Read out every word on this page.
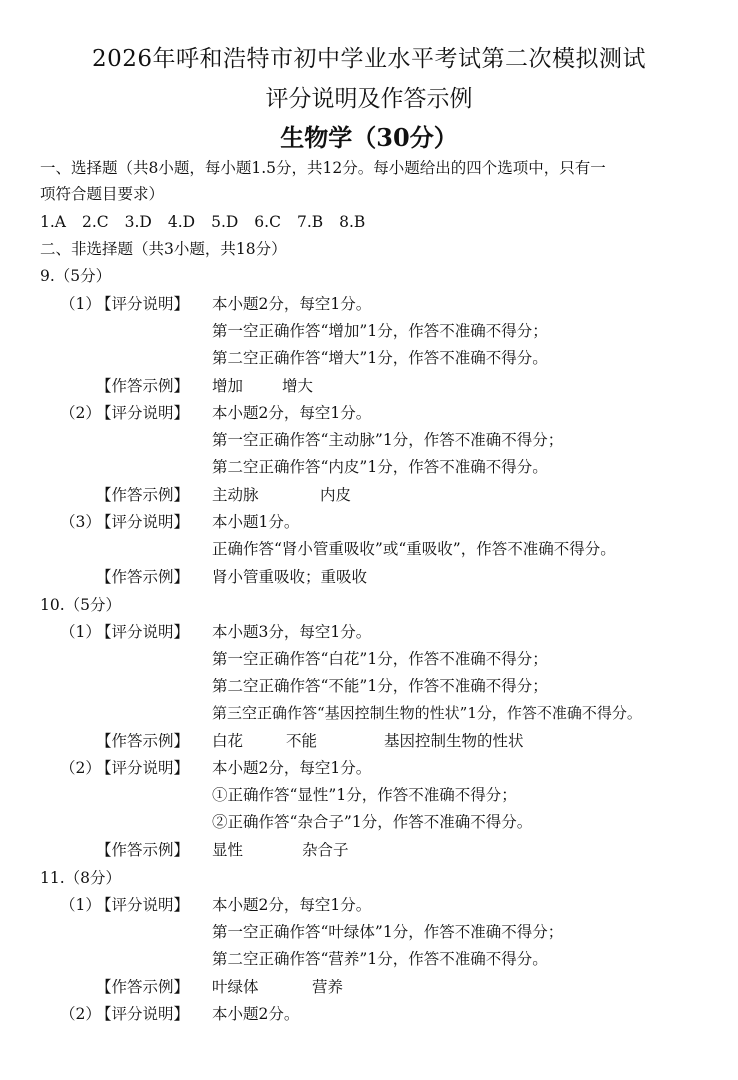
2026年呼和浩特市初中学业水平考试第二次模拟测试
评分说明及作答示例
生物学（30分）
一、选择题（共8小题，每小题1.5分，共12分。每小题给出的四个选项中，只有一
项符合题目要求）
1.A 2.C 3.D 4.D 5.D 6.C 7.B 8.B
二、非选择题（共3小题，共18分）
9.（5分）
（1）
【评分说明】 本小题2分，每空1分。
第一空正确作答“增加”1分，作答不准确不得分；
第二空正确作答“增大”1分，作答不准确不得分。
【作答示例】 增加	增大
（2）
【评分说明】 本小题2分，每空1分。
第一空正确作答“主动脉”1分，作答不准确不得分；
第二空正确作答“内皮”1分，作答不准确不得分。
【作答示例】 主动脉	内皮
（3）
【评分说明】 本小题1分。
正确作答“肾小管重吸收”或“重吸收”，作答不准确不得分。
【作答示例】 肾小管重吸收；重吸收
10.（5分）
（1）
【评分说明】 本小题3分，每空1分。
第一空正确作答“白花”1分，作答不准确不得分；
第二空正确作答“不能”1分，作答不准确不得分；
第三空正确作答“基因控制生物的性状”1分，作答不准确不得分。
【作答示例】 白花	不能	基因控制生物的性状
（2）
【评分说明】 本小题2分，每空1分。
①正确作答“显性”1分，作答不准确不得分；
②正确作答“杂合子”1分，作答不准确不得分。
【作答示例】 显性	杂合子
11.（8分）
（1）
【评分说明】 本小题2分，每空1分。
第一空正确作答“叶绿体”1分，作答不准确不得分；
第二空正确作答“营养”1分，作答不准确不得分。
【作答示例】 叶绿体	营养
（2）
【评分说明】 本小题2分。
